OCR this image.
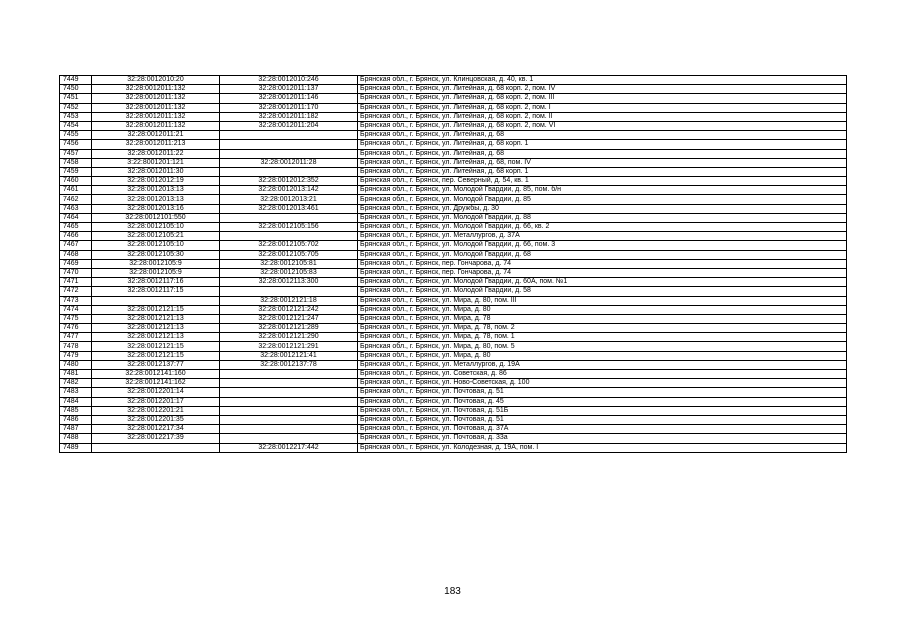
7449	32:28:0012010:20	32:28:0012010:246	Брянская обл., г. Брянск, ул. Клинцовская, д. 40, кв. 1
7450	32:28:0012011:132	32:28:0012011:137	Брянская обл., г. Брянск, ул. Литейная, д. 68 корп. 2, пом. IV
7451	32:28:0012011:132	32:28:0012011:146	Брянская обл., г. Брянск, ул. Литейная, д. 68 корп. 2, пом. III
7452	32:28:0012011:132	32:28:0012011:170	Брянская обл., г. Брянск, ул. Литейная, д. 68 корп. 2, пом. I
7453	32:28:0012011:132	32:28:0012011:182	Брянская обл., г. Брянск, ул. Литейная, д. 68 корп. 2, пом. II
7454	32:28:0012011:132	32:28:0012011:204	Брянская обл., г. Брянск, ул. Литейная, д. 68 корп. 2, пом. VI
7455	32:28:0012011:21		Брянская обл., г. Брянск, ул. Литейная, д. 68
7456	32:28:0012011:213		Брянская обл., г. Брянск, ул. Литейная, д. 68 корп. 1
7457	32:28:0012011:22		Брянская обл., г. Брянск, ул. Литейная, д. 68
7458	3:22:8001201:121	32:28:0012011:28	Брянская обл., г. Брянск, ул. Литейная, д. 68, пом. IV
7459	32:28:0012011:30		Брянская обл., г. Брянск, ул. Литейная, д. 68 корп. 1
7460	32:28:0012012:19	32:28:0012012:352	Брянская обл., г. Брянск, пер. Северный, д. 54, кв. 1
7461	32:28:0012013:13	32:28:0012013:142	Брянская обл., г. Брянск, ул. Молодой Гвардии, д. 85, пом. б/н
7462	32:28:0012013:13	32:28:0012013:21	Брянская обл., г. Брянск, ул. Молодой Гвардии, д. 85
7463	32:28:0012013:16	32:28:0012013:461	Брянская обл., г. Брянск, ул. Дружбы, д. 30
7464	32:28:0012101:550		Брянская обл., г. Брянск, ул. Молодой Гвардии, д. 88
7465	32:28:0012105:10	32:28:0012105:156	Брянская обл., г. Брянск, ул. Молодой Гвардии, д. 66, кв. 2
7466	32:28:0012105:21		Брянская обл., г. Брянск, ул. Металлургов, д. 37А
7467	32:28:0012105:10	32:28:0012105:702	Брянская обл., г. Брянск, ул. Молодой Гвардии, д. 66, пом. 3
7468	32:28:0012105:30	32:28:0012105:705	Брянская обл., г. Брянск, ул. Молодой Гвардии, д. 68
7469	32:28:0012105:9	32:28:0012105:81	Брянская обл., г. Брянск, пер. Гончарова, д. 74
7470	32:28:0012105:9	32:28:0012105:83	Брянская обл., г. Брянск, пер. Гончарова, д. 74
7471	32:28:0012117:16	32:28:0012113:300	Брянская обл., г. Брянск, ул. Молодой Гвардии, д. 60А, пом. №1
7472	32:28:0012117:15		Брянская обл., г. Брянск, ул. Молодой Гвардии, д. 58
7473		32:28:0012121:18	Брянская обл., г. Брянск, ул. Мира, д. 80, пом. III
7474	32:28:0012121:15	32:28:0012121:242	Брянская обл., г. Брянск, ул. Мира, д. 80
7475	32:28:0012121:13	32:28:0012121:247	Брянская обл., г. Брянск, ул. Мира, д. 78
7476	32:28:0012121:13	32:28:0012121:289	Брянская обл., г. Брянск, ул. Мира, д. 78, пом. 2
7477	32:28:0012121:13	32:28:0012121:290	Брянская обл., г. Брянск, ул. Мира, д. 78, пом. 1
7478	32:28:0012121:15	32:28:0012121:291	Брянская обл., г. Брянск, ул. Мира, д. 80, пом. 5
7479	32:28:0012121:15	32:28:0012121:41	Брянская обл., г. Брянск, ул. Мира, д. 80
7480	32:28:0012137:77	32:28:0012137:78	Брянская обл., г. Брянск, ул. Металлургов, д. 19А
7481	32:28:0012141:160		Брянская обл., г. Брянск, ул. Советская, д. 86
7482	32:28:0012141:162		Брянская обл., г. Брянск, ул. Ново-Советская, д. 100
7483	32:28:0012201:14		Брянская обл., г. Брянск, ул. Почтовая, д. 51
7484	32:28:0012201:17		Брянская обл., г. Брянск, ул. Почтовая, д. 45
7485	32:28:0012201:21		Брянская обл., г. Брянск, ул. Почтовая, д. 51Б
7486	32:28:0012201:35		Брянская обл., г. Брянск, ул. Почтовая, д. 51
7487	32:28:0012217:34		Брянская обл., г. Брянск, ул. Почтовая, д. 37А
7488	32:28:0012217:39		Брянская обл., г. Брянск, ул. Почтовая, д. 33а
7489		32:28:0012217:442	Брянская обл., г. Брянск, ул. Колодезная, д. 19А, пом. I
183
